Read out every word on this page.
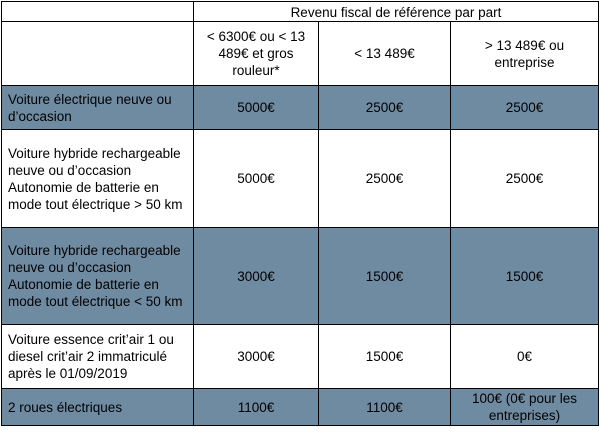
	Revenu fiscal de référence par part		
	< 6300€ ou < 13 489€ et gros rouleur*	< 13 489€	> 13 489€ ou entreprise
Voiture électrique neuve ou d’occasion	5000€	2500€	2500€

Voiture hybride rechargeable neuve ou d’occasion
Autonomie de batterie en mode tout électrique > 50 km	5000€	2500€	2500€

Voiture hybride rechargeable neuve ou d’occasion
Autonomie de batterie en mode tout électrique < 50 km	3000€	1500€	1500€
Voiture essence crit’air 1 ou diesel crit’air 2 immatriculé après le 01/09/2019	3000€	1500€	0€
2 roues électriques	1100€	1100€	100€ (0€ pour les entreprises)
